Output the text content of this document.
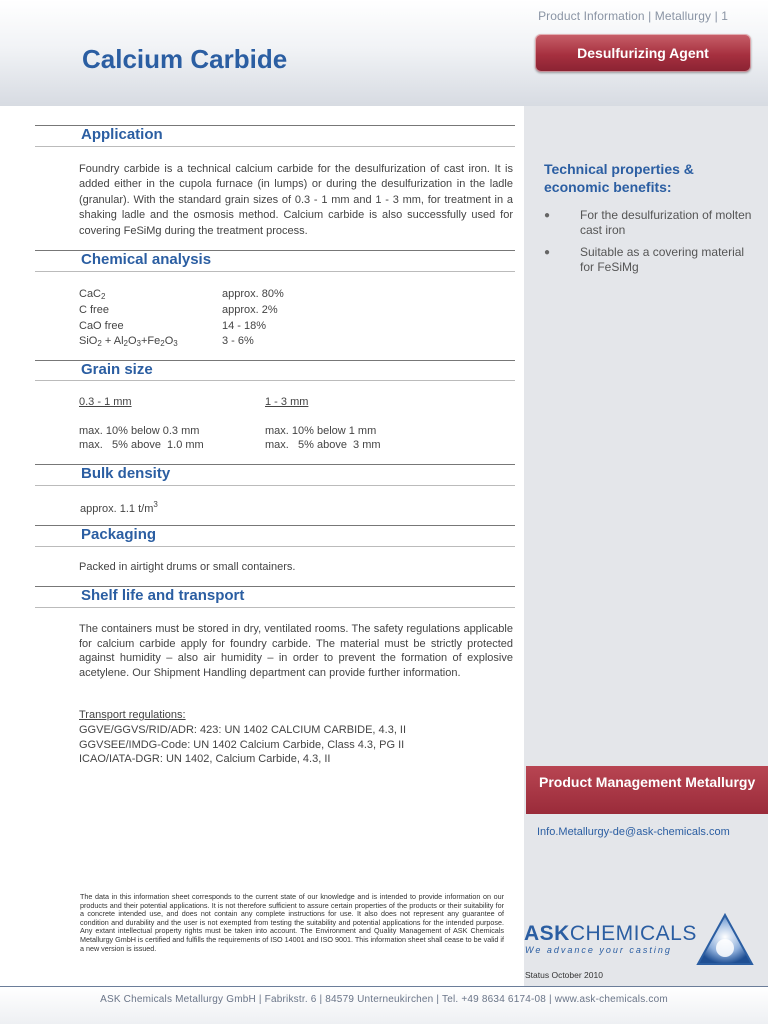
Product Information | Metallurgy | 1
Calcium Carbide	Desulfurizing Agent
Technical properties & economic benefits:
● For the desulfurization of molten cast iron
● Suitable as a covering material for FeSiMg
Application
Foundry carbide is a technical calcium carbide for the desulfurization of cast iron. It is added either in the cupola furnace (in lumps) or during the desulfurization in the ladle (granular). With the standard grain sizes of 0.3 - 1 mm and 1 - 3 mm, for treatment in a shaking ladle and the osmosis method. Calcium carbide is also successfully used for covering FeSiMg during the treatment process.
Chemical analysis
CaC$_2$	approx. 80%
C free	approx. 2%
CaO free	14 - 18%
$SiO_2 + Al_2O_3+Fe_2O_3$	3 - 6%
Grain size
0.3 - 1 mm	1 - 3 mm
max. 10% below 0.3 mm	max. 10% below 1 mm
max.   5% above  1.0 mm	max.   5% above  3 mm
Bulk density
approx. 1.1 $t/m^3$
Packaging
Packed in airtight drums or small containers.
Shelf life and transport
The containers must be stored in dry, ventilated rooms. The safety regulations applicable for calcium carbide apply for foundry carbide. The material must be strictly protected against humidity – also air humidity – in order to prevent the formation of explosive acetylene. Our Shipment Handling department can provide further information.
Transport regulations:
GGVE/GGVS/RID/ADR: 423: UN 1402 CALCIUM CARBIDE, 4.3, II
GGVSEE/IMDG-Code: UN 1402 Calcium Carbide, Class 4.3, PG II
ICAO/IATA-DGR: UN 1402, Calcium Carbide, 4.3, II
Product Management Metallurgy
Info.Metallurgy-de@ask-chemicals.com
The data in this information sheet corresponds to the current state of our knowledge and is intended to provide information on our products and their potential applications. It is not therefore sufficient to assure certain properties of the products or their suitability for a concrete intended use, and does not contain any complete instructions for use. It also does not represent any guarantee of condition and durability and the user is not exempted from testing the suitability and potential applications for the intended purpose. Any extant intellectual property rights must be taken into account. The Environment and Quality Management of ASK Chemicals Metallurgy GmbH is certified and fulfills the requirements of ISO 14001 and ISO 9001. This information sheet shall cease to be valid if a new version is issued.
ASKCHEMICALS
We advance your casting
Status October 2010
ASK Chemicals Metallurgy GmbH | Fabrikstr. 6 | 84579 Unterneukirchen | Tel. +49 8634 6174-08 | www.ask-chemicals.com
